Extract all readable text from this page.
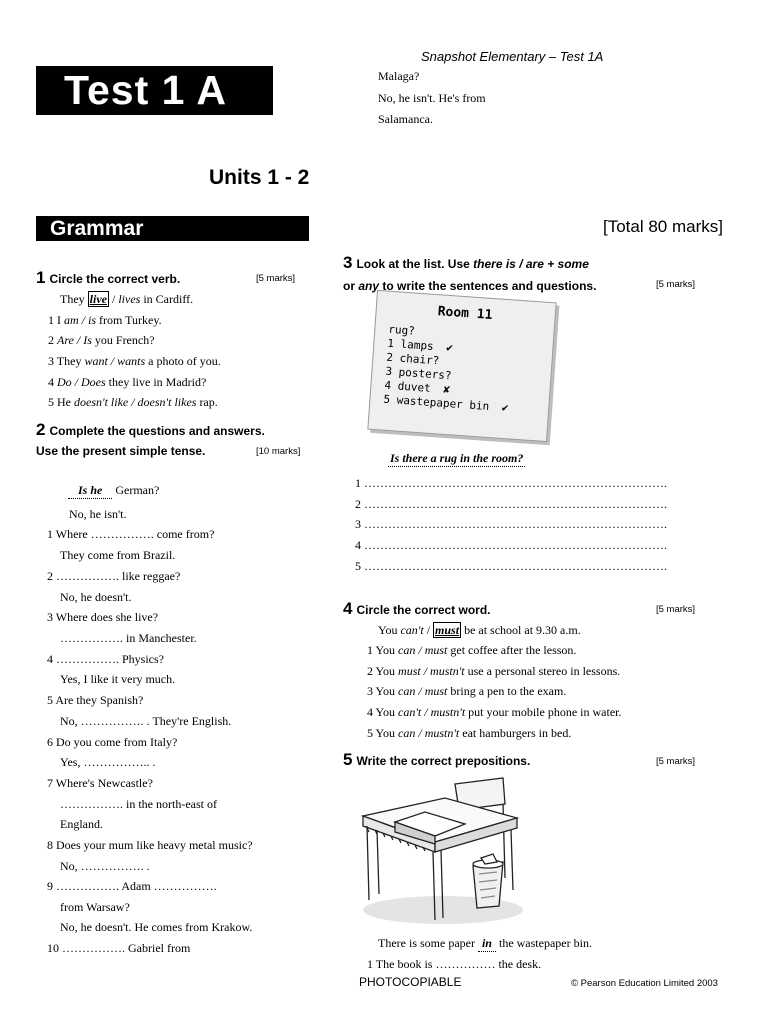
Snapshot Elementary – Test 1A
Test 1 A	Malaga?
No, he isn't. He's from
Salamanca.
Units 1 - 2
Grammar	[Total 80 marks]
1 Circle the correct verb.	[5 marks]
They live / lives in Cardiff.
1 I am / is from Turkey.
2 Are / Is you French?
3 They want / wants a photo of you.
4 Do / Does they live in Madrid?
5 He doesn't like / doesn't likes rap.
2 Complete the questions and answers.
Use the present simple tense.	[10 marks]
Is he German?
No, he isn't.
1 Where ……………. come from?
They come from Brazil.
2 ……………. like reggae?
No, he doesn't.
3 Where does she live?
……………. in Manchester.
4 ……………. Physics?
Yes, I like it very much.
5 Are they Spanish?
No, ……………. . They're English.
6 Do you come from Italy?
Yes, …………….. .
7 Where's Newcastle?
……………. in the north-east of
England.
8 Does your mum like heavy metal music?
No, ……………. .
9 ……………. Adam …………….
from Warsaw?
No, he doesn't. He comes from Krakow.
10 ……………. Gabriel from
3 Look at the list. Use there is / are + some
or any to write the sentences and questions.	[5 marks]
Room 11
rug?
1 lamps ✔
2 chair?
3 posters?
4 duvet ✘
5 wastepaper bin ✔
Is there a rug in the room?
1 ………………………………………………………………….
2 ………………………………………………………………….
3 ………………………………………………………………….
4 ………………………………………………………………….
5 ………………………………………………………………….
4 Circle the correct word.	[5 marks]
You can't / must be at school at 9.30 a.m.
1 You can / must get coffee after the lesson.
2 You must / mustn't use a personal stereo in lessons.
3 You can / must bring a pen to the exam.
4 You can't / mustn't put your mobile phone in water.
5 You can / mustn't eat hamburgers in bed.
5 Write the correct prepositions.	[5 marks]
There is some paper in the wastepaper bin.
1 The book is …………… the desk.
PHOTOCOPIABLE	© Pearson Education Limited 2003
